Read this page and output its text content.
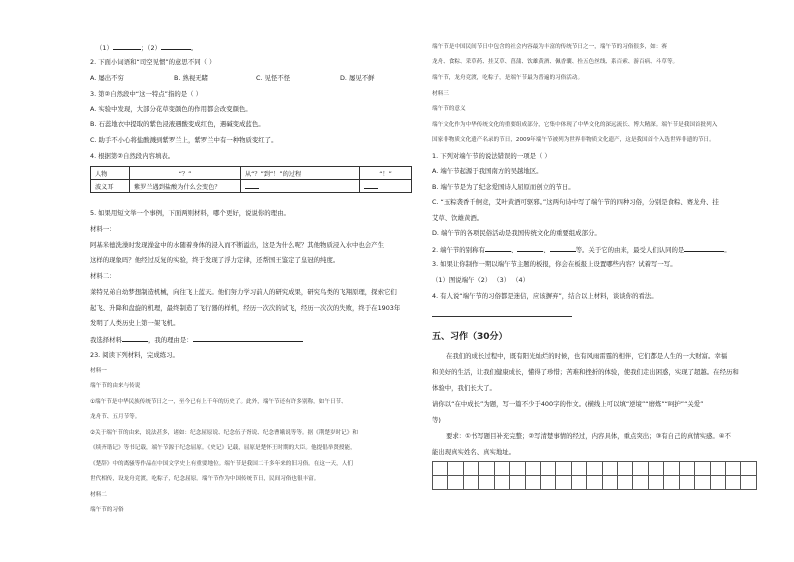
（1）	；（2）	。
2. 下面小词语和“司空见惯”的意思不同（ ）
A. 屡出不穷	B. 熟视无睹	C. 见怪不怪	D. 屡见不鲜
3. 第②自然段中“这一特点”指的是（ ）
A. 实验中发现，大部分花草变颜色的作用都会改变颜色。
B. 石蕊地衣中提取的紫色浸液遇酸变成红色，遇碱变成蓝色。
C. 助手不小心将盐酸溅到紫罗兰上，紫罗兰中有一种物质变红了。
4. 根据第②自然段内容填表。
人物	“？”	从“？”到“！”的过程	“！”
波义耳	紫罗兰遇到盐酸为什么会变色？		
5. 如果用短文举一个事例，下面两则材料，哪个更好，说说你的理由。
材料一：
阿基米德洗澡时发现澡盆中的水随着身体的浸入而不断溢出，这是为什么呢？其他物质浸入水中也会产生
这样的现象吗？他经过反复的实验，终于发现了浮力定律，还帮国王鉴定了皇冠的纯度。
材料二：
莱特兄弟自幼梦想制造机械，向往飞上蓝天。他们努力学习前人的研究成果，研究鸟类的飞翔原理，探索它们
起飞、升降和盘旋的机理，最终制造了飞行器的样机，经历一次次的试飞，经历一次次的失败，终于在1903年
发明了人类历史上第一架飞机。
我选择材料	，我的理由是：
23. 阅读下列材料，完成练习。
材料一
端午节的由来与传说
①端午节是中华民族传统节日之一，至今已有上千年的历史了。此外，端午节还有许多别称，如午日节、
龙舟节、五月节等。
②关于端午节的由来，说法甚多，诸如：纪念屈原说、纪念伍子胥说、纪念曹娥说等等。据《荆楚岁时记》和
《续齐谐记》等书记载，端午节源于纪念屈原。《史记》记载，屈原是楚怀王时期的大臣。他提倡举贤授能，
《楚辞》中的离骚等作品在中国文学史上有重要地位。端午节是我国二千多年来的旧习俗。在这一天，人们
世代相传，设龙舟竞渡，吃粽子，纪念屈原。端午节作为中国传统节日，民间习俗也很丰富。
材料二
端午节的习俗
端午节是中国民间节日中包含的社会内容最为丰富的传统节日之一，端午节的习俗很多，如：赛
龙舟、食粽、采草药、挂艾草、菖蒲、饮雄黄酒、佩香囊、拴五色丝线、系百索、游百病、斗草等。
端午节，龙舟竞渡，吃粽子，是端午节最为普遍的习俗活动。
材料三
端午节的意义
端午文化作为中华传统文化的重要组成部分，它集中体现了中华文化的深远流长、博大精深。端午节是我国首批列入
国家非物质文化遗产名录的节日，2009年端午节被列为世界非物质文化遗产，这是我国首个入选世界非遗的节日。
1. 下列对端午节的说法错误的一项是（ ）
A. 端午节起源于我国南方的吴越地区。
B. 端午节是为了纪念爱国诗人屈原而创立的节日。
C. “玉粽袭香千舸竞，艾叶黄酒可驱邪。”这两句诗中写了端午节的四种习俗，分别是食粽、赛龙舟、挂
艾草、饮雄黄酒。
D. 端午节的各项民俗活动是我国传统文化的重要组成部分。
2. 端午节的别称有	、	、	等。关于它的由来，最受人们认同的是	。
3. 如果让你制作一期以端午节主题的板报，你会在板报上设置哪些内容？试着写一写。
（1）图说端午（2） （3） （4）
4. 有人说“端午节的习俗都是迷信，应该摒弃”，结合以上材料，谈谈你的看法。
五、习作（30分）
在我们的成长过程中，既有阳光灿烂的时候，也有风雨雷霆的相伴，它们都是人生的一大财富。幸福
和美好的生活，让我们健康成长，懂得了珍惜；苦难和挫折的体验，使我们走出困惑，实现了超越。在经历和
体验中，我们长大了。
请你以“在中成长”为题，写一篇不少于400字的作文。(横线上可以填“逆境”“磨炼”“呵护”“关爱”
等)
要求：①书写题目补充完整；②写清楚事情的经过，内容具体，重点突出；③有自己的真情实感。④不
能出现真实姓名、真实地址。
